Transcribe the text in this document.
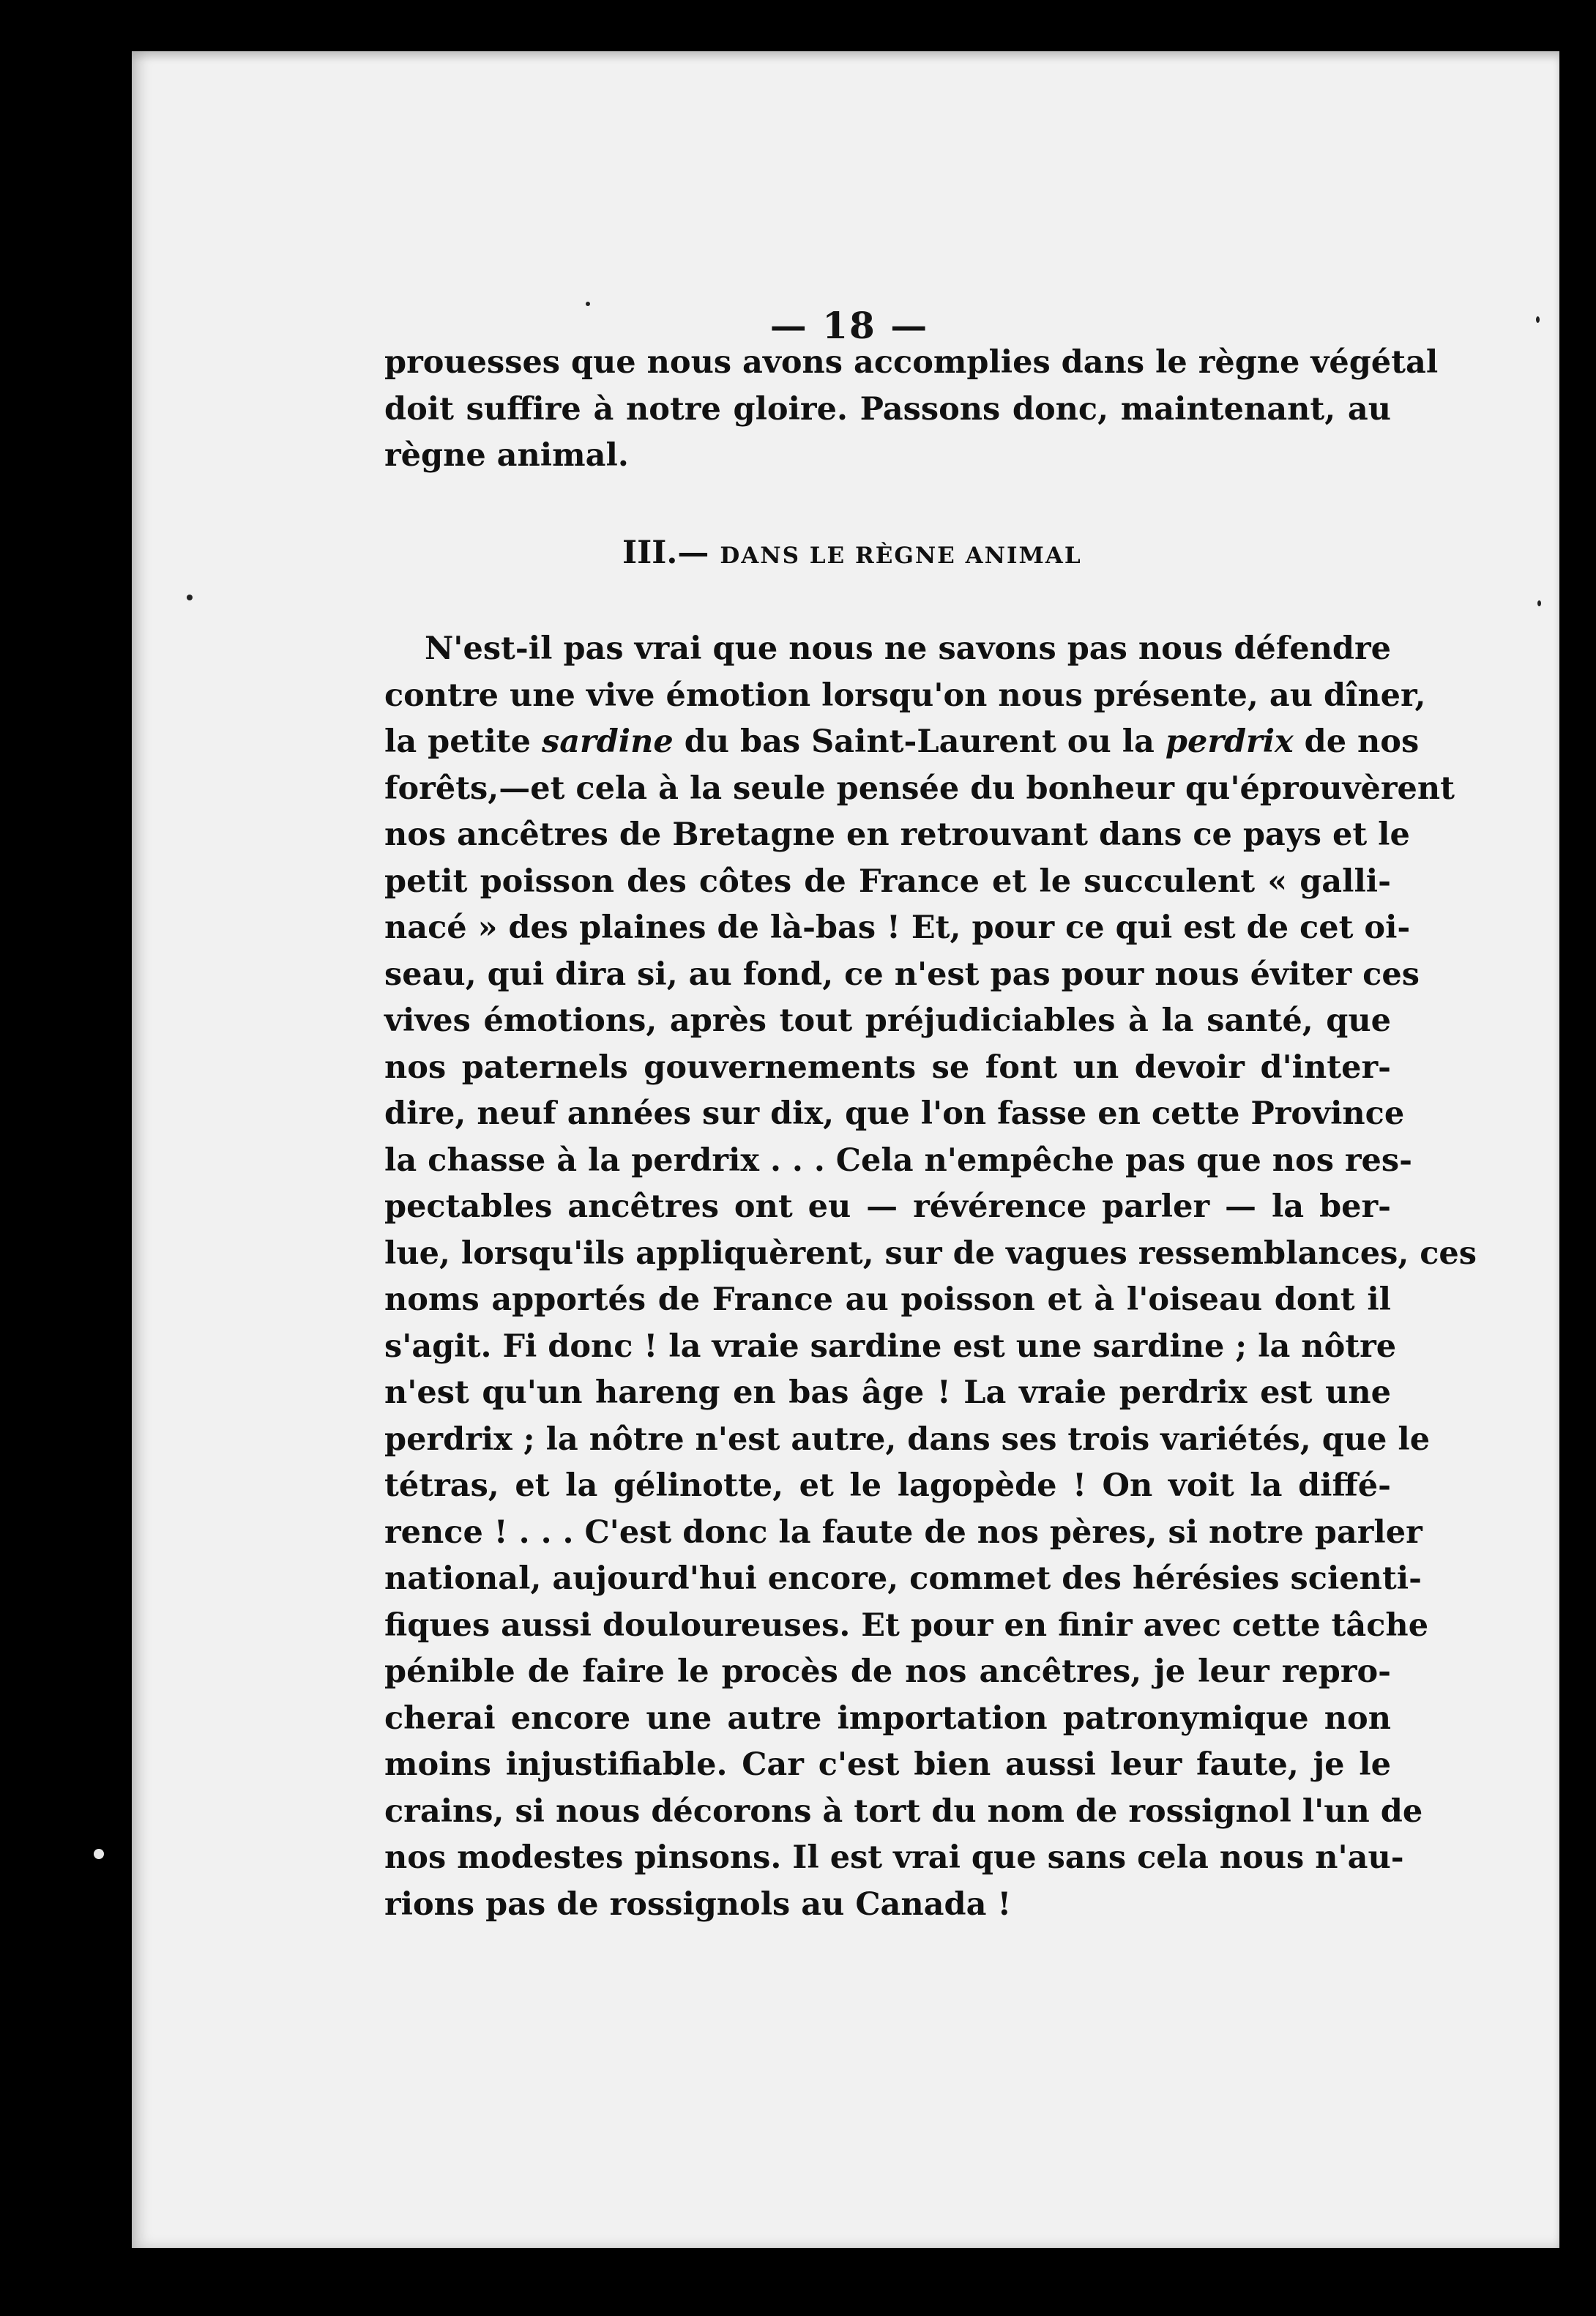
— 18 —
prouesses que nous avons accomplies dans le règne végétal
doit suffire à notre gloire. Passons donc, maintenant, au
règne animal.
III.— DANS LE RÈGNE ANIMAL
N'est-il pas vrai que nous ne savons pas nous défendre
contre une vive émotion lorsqu'on nous présente, au dîner,
la petite sardine du bas Saint-Laurent ou la perdrix de nos
forêts,—et cela à la seule pensée du bonheur qu'éprouvèrent
nos ancêtres de Bretagne en retrouvant dans ce pays et le
petit poisson des côtes de France et le succulent « galli-
nacé » des plaines de là-bas ! Et, pour ce qui est de cet oi-
seau, qui dira si, au fond, ce n'est pas pour nous éviter ces
vives émotions, après tout préjudiciables à la santé, que
nos paternels gouvernements se font un devoir d'inter-
dire, neuf années sur dix, que l'on fasse en cette Province
la chasse à la perdrix . . . Cela n'empêche pas que nos res-
pectables ancêtres ont eu — révérence parler — la ber-
lue, lorsqu'ils appliquèrent, sur de vagues ressemblances, ces
noms apportés de France au poisson et à l'oiseau dont il
s'agit. Fi donc ! la vraie sardine est une sardine ; la nôtre
n'est qu'un hareng en bas âge ! La vraie perdrix est une
perdrix ; la nôtre n'est autre, dans ses trois variétés, que le
tétras, et la gélinotte, et le lagopède ! On voit la diffé-
rence ! . . . C'est donc la faute de nos pères, si notre parler
national, aujourd'hui encore, commet des hérésies scienti-
fiques aussi douloureuses. Et pour en finir avec cette tâche
pénible de faire le procès de nos ancêtres, je leur repro-
cherai encore une autre importation patronymique non
moins injustifiable. Car c'est bien aussi leur faute, je le
crains, si nous décorons à tort du nom de rossignol l'un de
nos modestes pinsons. Il est vrai que sans cela nous n'au-
rions pas de rossignols au Canada !
